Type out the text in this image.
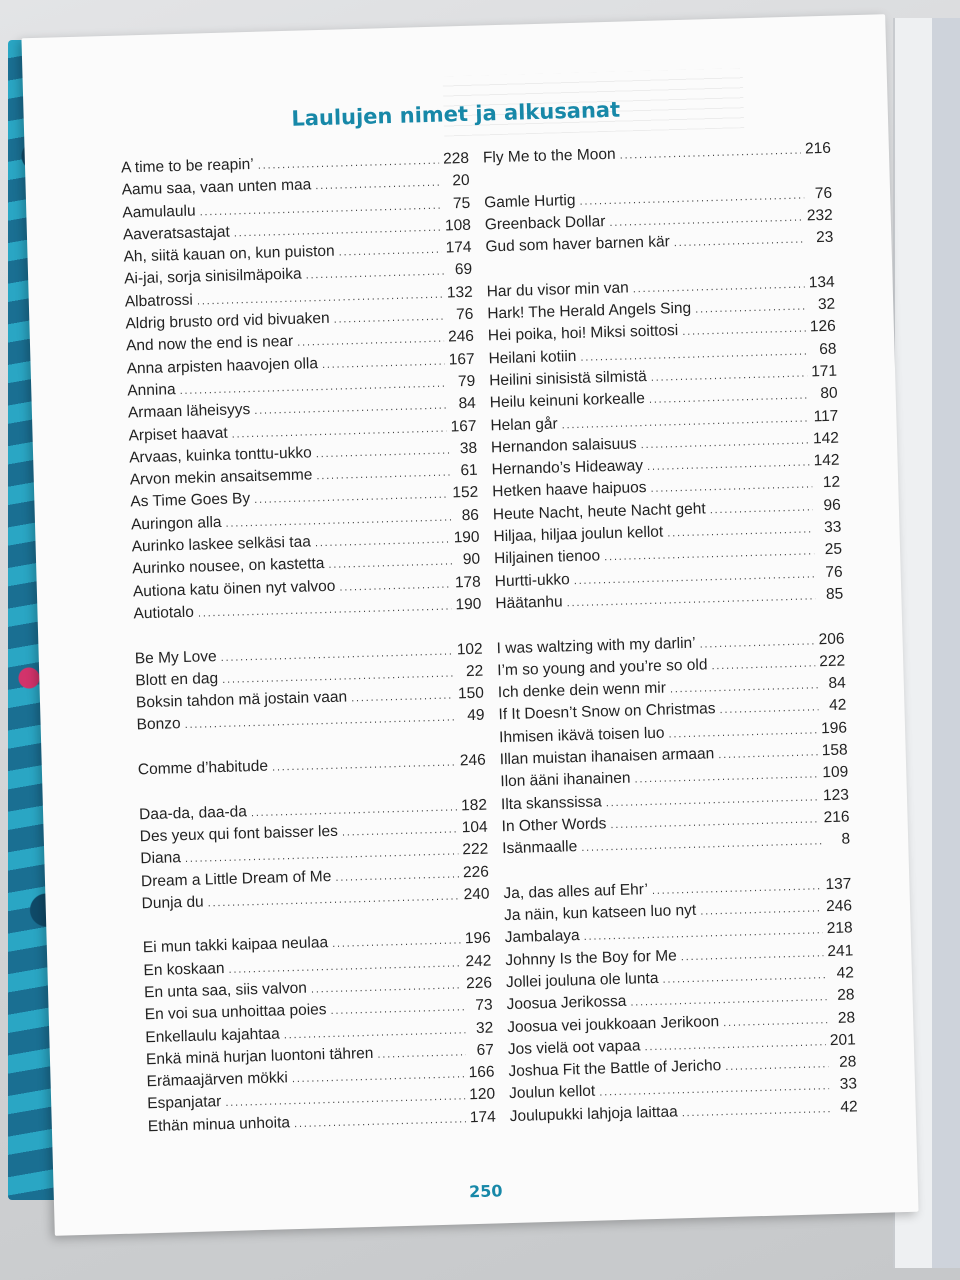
Laulujen nimet ja alkusanat
A time to be reapin’ .....	228
Aamu saa, vaan unten maa .....	20
Aamulaulu .....	75
Aaveratsastajat .....	108
Ah, siitä kauan on, kun puiston .....	174
Ai-jai, sorja sinisilmäpoika .....	69
Albatrossi .....	132
Aldrig brusto ord vid bivuaken .....	76
And now the end is near .....	246
Anna arpisten haavojen olla .....	167
Annina .....	79
Armaan läheisyys .....	84
Arpiset haavat .....	167
Arvaas, kuinka tonttu-ukko .....	38
Arvon mekin ansaitsemme .....	61
As Time Goes By .....	152
Auringon alla .....	86
Aurinko laskee selkäsi taa .....	190
Aurinko nousee, on kastetta .....	90
Autiona katu öinen nyt valvoo .....	178
Autiotalo .....	190
Be My Love .....	102
Blott en dag .....	22
Boksin tahdon mä jostain vaan .....	150
Bonzo .....	49
Comme d’habitude .....	246
Daa-da, daa-da .....	182
Des yeux qui font baisser les .....	104
Diana .....	222
Dream a Little Dream of Me .....	226
Dunja du .....	240
Ei mun takki kaipaa neulaa .....	196
En koskaan .....	242
En unta saa, siis valvon .....	226
En voi sua unhoittaa poies .....	73
Enkellaulu kajahtaa .....	32
Enkä minä hurjan luontoni tähren .....	67
Erämaajärven mökki .....	166
Espanjatar .....	120
Ethän minua unhoita .....	174
Fly Me to the Moon .....	216
Gamle Hurtig .....	76
Greenback Dollar .....	232
Gud som haver barnen kär .....	23
Har du visor min van .....	134
Hark! The Herald Angels Sing .....	32
Hei poika, hoi! Miksi soittosi .....	126
Heilani kotiin .....	68
Heilini sinisistä silmistä .....	171
Heilu keinuni korkealle .....	80
Helan går .....	117
Hernandon salaisuus .....	142
Hernando’s Hideaway .....	142
Hetken haave haipuos .....	12
Heute Nacht, heute Nacht geht .....	96
Hiljaa, hiljaa joulun kellot .....	33
Hiljainen tienoo .....	25
Hurtti-ukko .....	76
Häätanhu .....	85
I was waltzing with my darlin’ .....	206
I’m so young and you’re so old .....	222
Ich denke dein wenn mir .....	84
If It Doesn’t Snow on Christmas .....	42
Ihmisen ikävä toisen luo .....	196
Illan muistan ihanaisen armaan .....	158
Ilon ääni ihanainen .....	109
Ilta skanssissa .....	123
In Other Words .....	216
Isänmaalle .....	8
Ja, das alles auf Ehr’ .....	137
Ja näin, kun katseen luo nyt .....	246
Jambalaya .....	218
Johnny Is the Boy for Me .....	241
Jollei jouluna ole lunta .....	42
Joosua Jerikossa .....	28
Joosua vei joukkoaan Jerikoon .....	28
Jos vielä oot vapaa .....	201
Joshua Fit the Battle of Jericho .....	28
Joulun kellot .....	33
Joulupukki lahjoja laittaa .....	42
250
